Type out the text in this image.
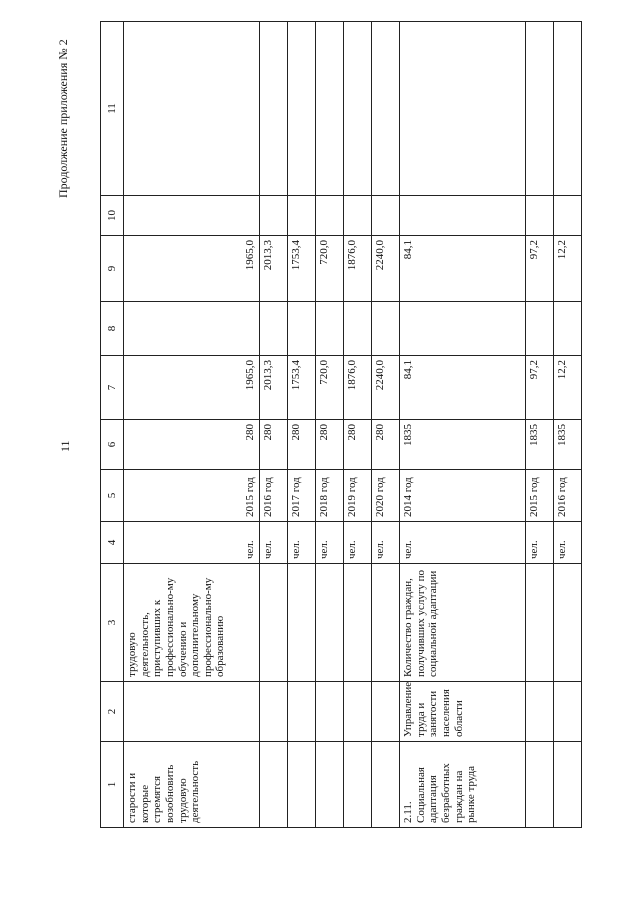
11
Продолжение приложения № 2
1	2	3	4	5	6	7	8	9	10	11
старости и которые стремятся возобновить трудовую деятельность		трудовую деятельность, приступивших к профессионально-му обучению и дополнительному профессионально-му образованию	чел.	2015 год	280	1965,0		1965,0		
			чел.	2016 год	280	2013,3		2013,3		
			чел.	2017 год	280	1753,4		1753,4		
			чел.	2018 год	280	720,0		720,0		
			чел.	2019 год	280	1876,0		1876,0		
			чел.	2020 год	280	2240,0		2240,0		
2.11. Социальная адаптация безработных граждан на рынке труда	Управление труда и занятости населения области	Количество граждан, получивших услугу по социальной адаптации	чел.	2014 год	1835	84,1		84,1		
			чел.	2015 год	1835	97,2		97,2		
			чел.	2016 год	1835	12,2		12,2		
